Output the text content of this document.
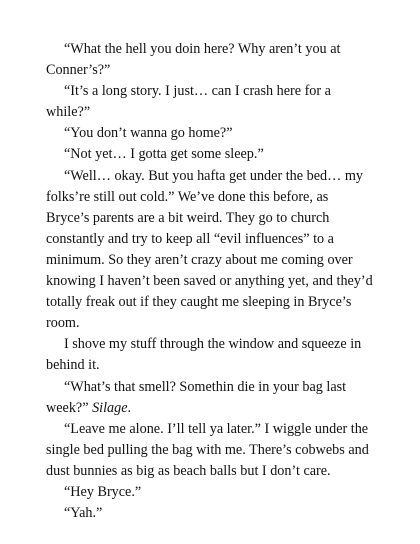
“What the hell you doin here? Why aren’t you at Conner’s?”

“It’s a long story. I just… can I crash here for a while?”

“You don’t wanna go home?”

“Not yet… I gotta get some sleep.”

“Well… okay. But you hafta get under the bed… my folks’re still out cold.” We’ve done this before, as Bryce’s parents are a bit weird. They go to church constantly and try to keep all “evil influences” to a minimum. So they aren’t crazy about me coming over knowing I haven’t been saved or anything yet, and they’d totally freak out if they caught me sleeping in Bryce’s room.

I shove my stuff through the window and squeeze in behind it.

“What’s that smell? Somethin die in your bag last week?” Silage.

“Leave me alone. I’ll tell ya later.” I wiggle under the single bed pulling the bag with me. There’s cobwebs and dust bunnies as big as beach balls but I don’t care.

“Hey Bryce.”

“Yah.”
